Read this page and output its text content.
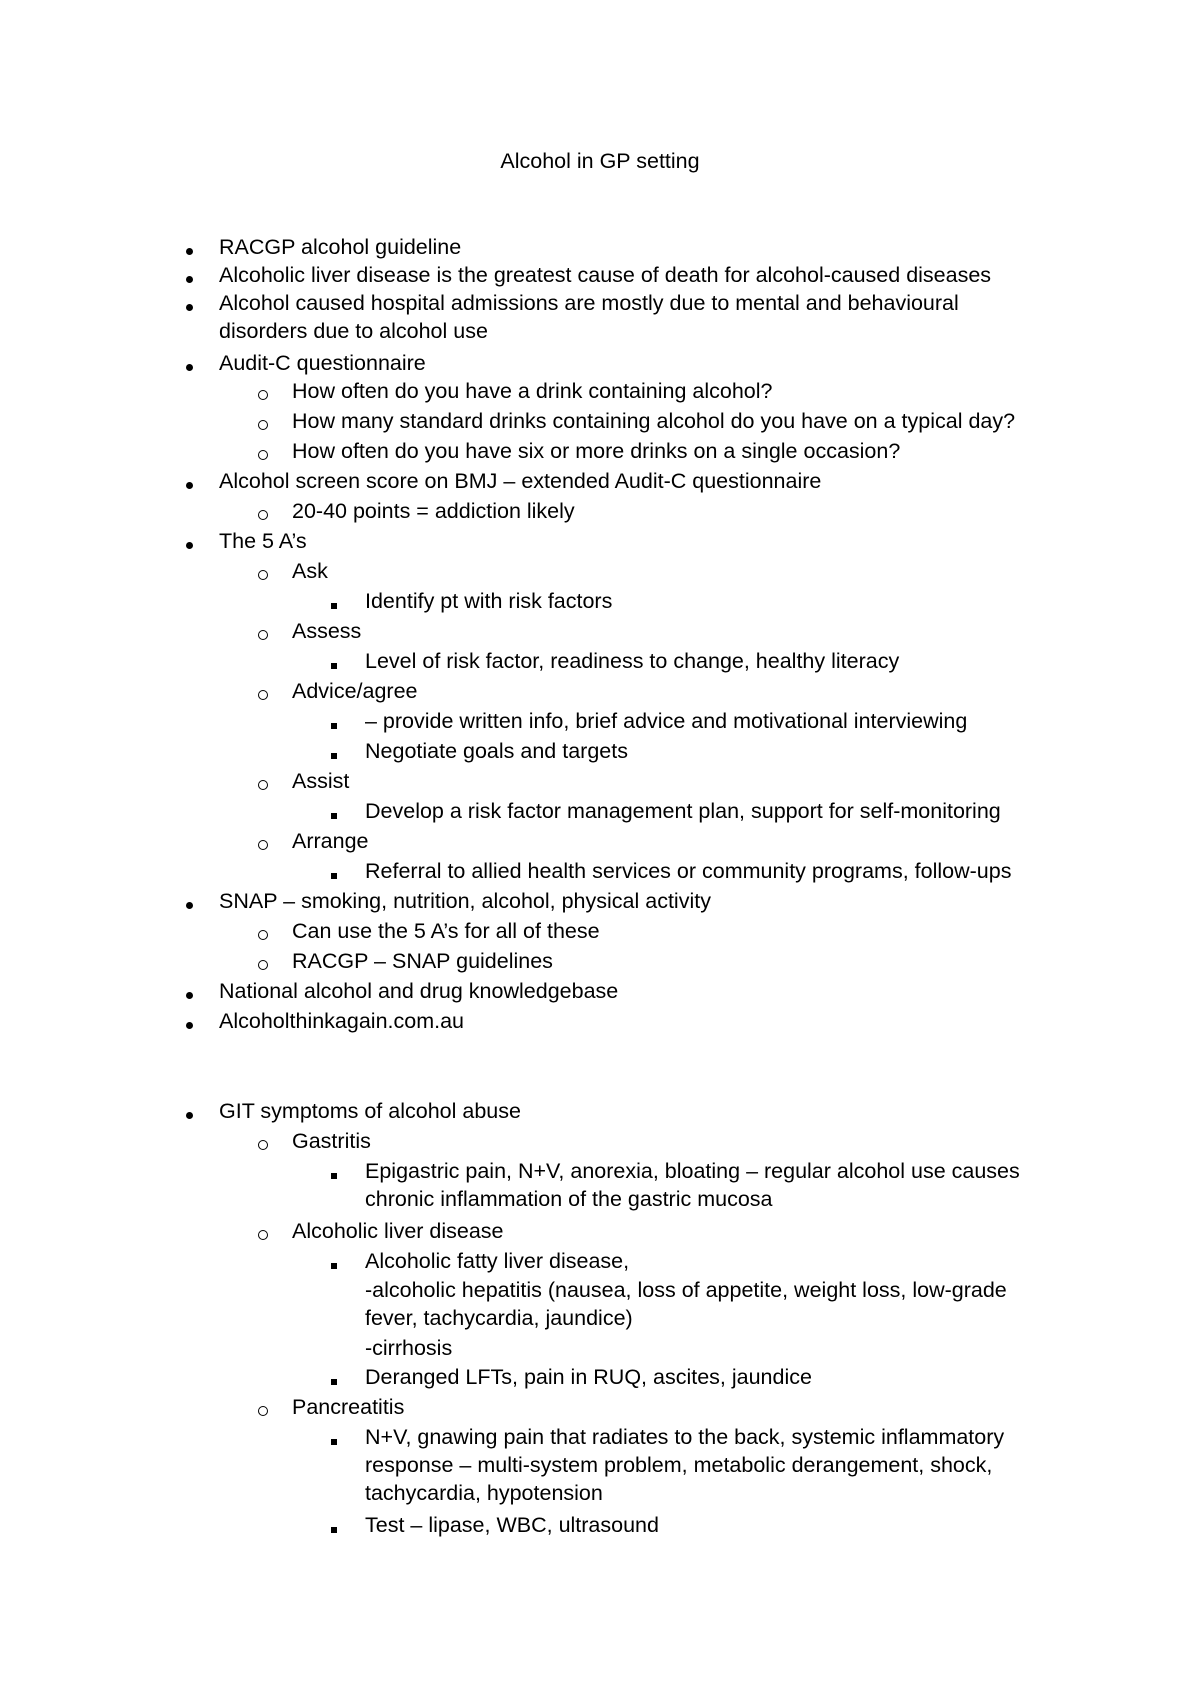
Alcohol in GP setting
RACGP alcohol guideline
Alcoholic liver disease is the greatest cause of death for alcohol-caused diseases
Alcohol caused hospital admissions are mostly due to mental and behavioural disorders due to alcohol use
Audit-C questionnaire
How often do you have a drink containing alcohol?
How many standard drinks containing alcohol do you have on a typical day?
How often do you have six or more drinks on a single occasion?
Alcohol screen score on BMJ – extended Audit-C questionnaire
20-40 points = addiction likely
The 5 A’s
Ask
Identify pt with risk factors
Assess
Level of risk factor, readiness to change, healthy literacy
Advice/agree
– provide written info, brief advice and motivational interviewing
Negotiate goals and targets
Assist
Develop a risk factor management plan, support for self-monitoring
Arrange
Referral to allied health services or community programs, follow-ups
SNAP – smoking, nutrition, alcohol, physical activity
Can use the 5 A’s for all of these
RACGP – SNAP guidelines
National alcohol and drug knowledgebase
Alcoholthinkagain.com.au
GIT symptoms of alcohol abuse
Gastritis
Epigastric pain, N+V, anorexia, bloating – regular alcohol use causes chronic inflammation of the gastric mucosa
Alcoholic liver disease
Alcoholic fatty liver disease,
-alcoholic hepatitis (nausea, loss of appetite, weight loss, low-grade fever, tachycardia, jaundice)
-cirrhosis
Deranged LFTs, pain in RUQ, ascites, jaundice
Pancreatitis
N+V, gnawing pain that radiates to the back, systemic inflammatory response – multi-system problem, metabolic derangement, shock, tachycardia, hypotension
Test – lipase, WBC, ultrasound
